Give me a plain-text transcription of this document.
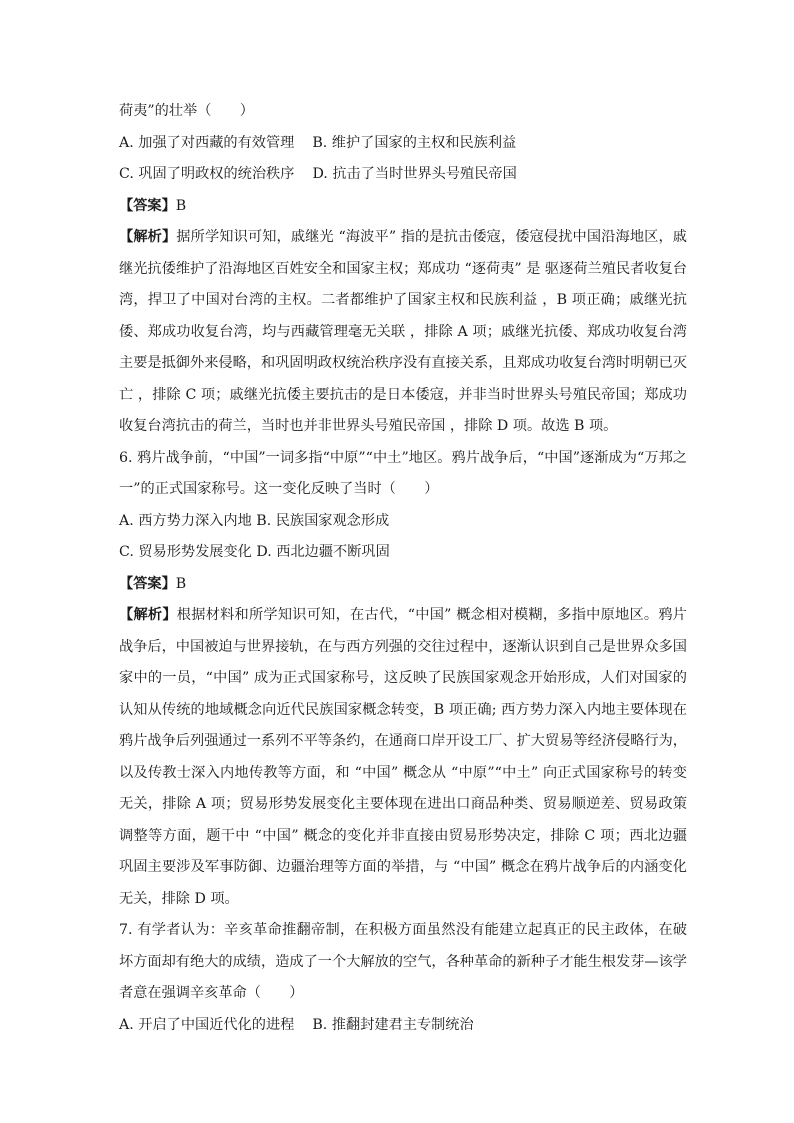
荷夷”的壮举（　　）
A. 加强了对西藏的有效管理 B. 维护了国家的主权和民族利益
C. 巩固了明政权的统治秩序 D. 抗击了当时世界头号殖民帝国
【答案】B
【解析】据所学知识可知，戚继光 “海波平” 指的是抗击倭寇，倭寇侵扰中国沿海地区，戚继光抗倭维护了沿海地区百姓安全和国家主权；郑成功 “逐荷夷” 是 驱逐荷兰殖民者收复台湾，捍卫了中国对台湾的主权。二者都维护了国家主权和民族利益 ，B 项正确；戚继光抗倭、郑成功收复台湾，均与西藏管理毫无关联 ，排除 A 项；戚继光抗倭、郑成功收复台湾主要是抵御外来侵略，和巩固明政权统治秩序没有直接关系，且郑成功收复台湾时明朝已灭亡 ，排除 C 项；戚继光抗倭主要抗击的是日本倭寇，并非当时世界头号殖民帝国；郑成功收复台湾抗击的荷兰，当时也并非世界头号殖民帝国 ，排除 D 项。故选 B 项。
6. 鸦片战争前，“中国”一词多指“中原”“中土”地区。鸦片战争后，“中国”逐渐成为“万邦之一”的正式国家称号。这一变化反映了当时（　　）
A. 西方势力深入内地 B. 民族国家观念形成
C. 贸易形势发展变化 D. 西北边疆不断巩固
【答案】B
【解析】根据材料和所学知识可知，在古代，“中国” 概念相对模糊，多指中原地区。鸦片战争后，中国被迫与世界接轨，在与西方列强的交往过程中，逐渐认识到自己是世界众多国家中的一员，“中国” 成为正式国家称号，这反映了民族国家观念开始形成，人们对国家的认知从传统的地域概念向近代民族国家概念转变，B 项正确; 西方势力深入内地主要体现在鸦片战争后列强通过一系列不平等条约，在通商口岸开设工厂、扩大贸易等经济侵略行为，以及传教士深入内地传教等方面，和 “中国” 概念从 “中原”“中土” 向正式国家称号的转变无关，排除 A 项；贸易形势发展变化主要体现在进出口商品种类、贸易顺逆差、贸易政策调整等方面，题干中 “中国” 概念的变化并非直接由贸易形势决定，排除 C 项；西北边疆巩固主要涉及军事防御、边疆治理等方面的举措，与 “中国” 概念在鸦片战争后的内涵变化无关，排除 D 项。
7. 有学者认为：辛亥革命推翻帝制，在积极方面虽然没有能建立起真正的民主政体，在破坏方面却有绝大的成绩，造成了一个大解放的空气，各种革命的新种子才能生根发芽—该学者意在强调辛亥革命（　　）
A. 开启了中国近代化的进程 B. 推翻封建君主专制统治
